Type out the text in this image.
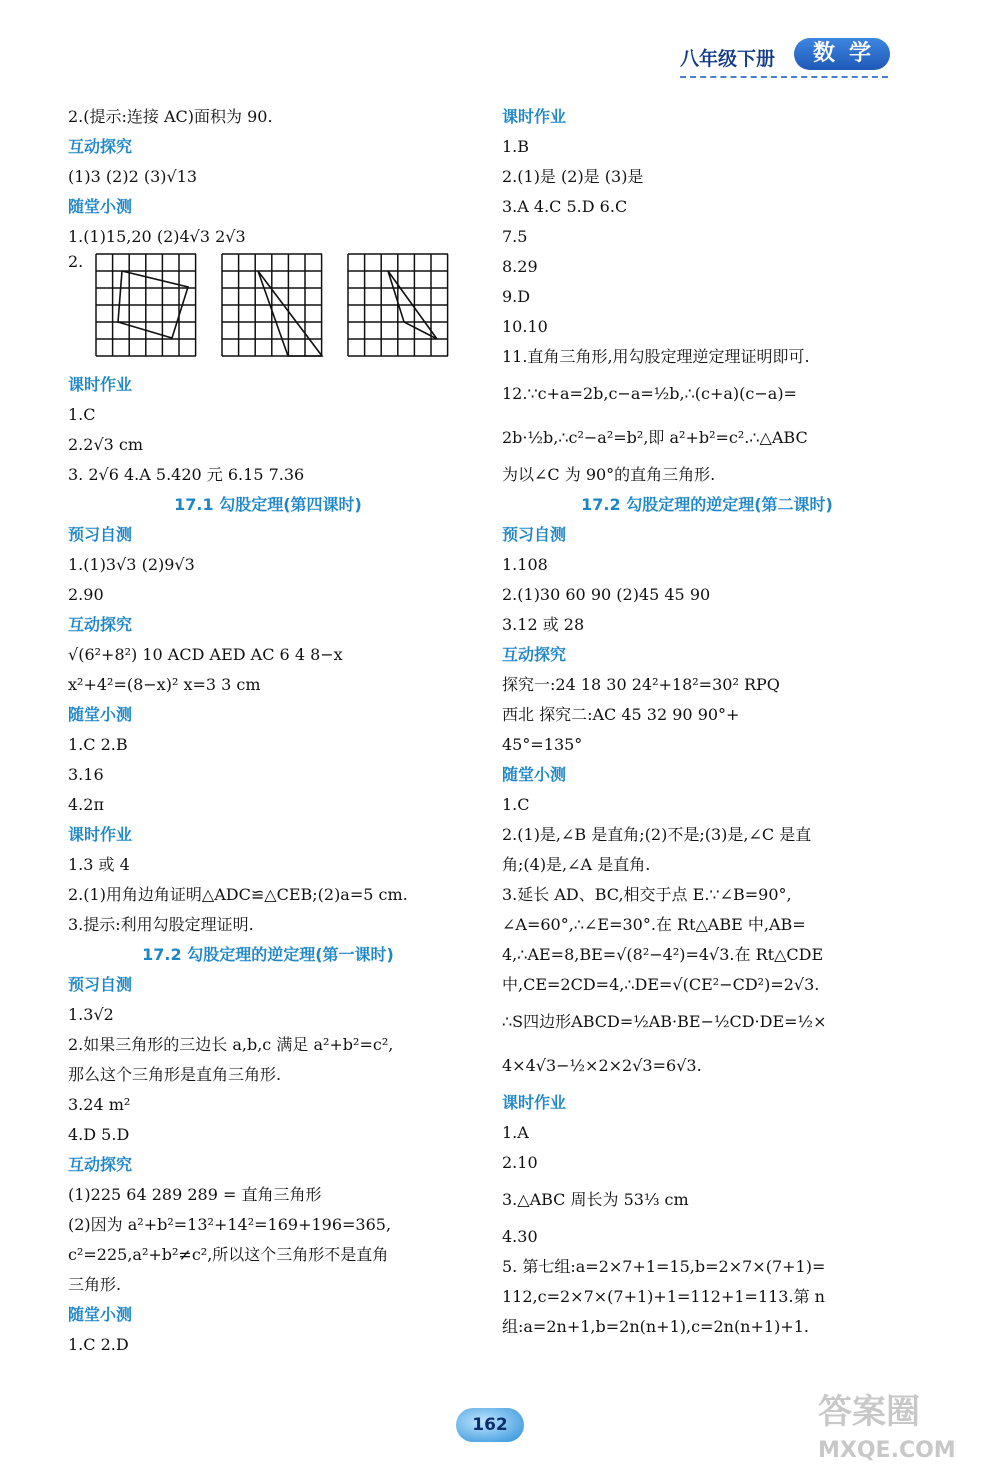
八年级下册	数学
2.(提示:连接 AC)面积为 90.
互动探究
(1)3 (2)2 (3)√13
随堂小测
1.(1)15,20 (2)4√3 2√3
2.
课时作业
1.C
2.2√3 cm
3. 2√6 4.A 5.420 元 6.15 7.36
17.1 勾股定理(第四课时)
预习自测
1.(1)3√3 (2)9√3
2.90
互动探究
√(6²+8²) 10 ACD AED AC 6 4 8−x
x²+4²=(8−x)² x=3 3 cm
随堂小测
1.C 2.B
3.16
4.2π
课时作业
1.3 或 4
2.(1)用角边角证明△ADC≌△CEB;(2)a=5 cm.
3.提示:利用勾股定理证明.
17.2 勾股定理的逆定理(第一课时)
预习自测
1.3√2
2.如果三角形的三边长 a,b,c 满足 a²+b²=c²,
那么这个三角形是直角三角形.
3.24 m²
4.D 5.D
互动探究
(1)225 64 289 289 = 直角三角形
(2)因为 a²+b²=13²+14²=169+196=365,
c²=225,a²+b²≠c²,所以这个三角形不是直角
三角形.
随堂小测
1.C 2.D
课时作业
1.B
2.(1)是 (2)是 (3)是
3.A 4.C 5.D 6.C
7.5
8.29
9.D
10.10
11.直角三角形,用勾股定理逆定理证明即可.
12.∵c+a=2b,c−a=½b,∴(c+a)(c−a)=
2b·½b,∴c²−a²=b²,即 a²+b²=c².∴△ABC
为以∠C 为 90°的直角三角形.
17.2 勾股定理的逆定理(第二课时)
预习自测
1.108
2.(1)30 60 90 (2)45 45 90
3.12 或 28
互动探究
探究一:24 18 30 24²+18²=30² RPQ
西北 探究二:AC 45 32 90 90°+
45°=135°
随堂小测
1.C
2.(1)是,∠B 是直角;(2)不是;(3)是,∠C 是直
角;(4)是,∠A 是直角.
3.延长 AD、BC,相交于点 E.∵∠B=90°,
∠A=60°,∴∠E=30°.在 Rt△ABE 中,AB=
4,∴AE=8,BE=√(8²−4²)=4√3.在 Rt△CDE
中,CE=2CD=4,∴DE=√(CE²−CD²)=2√3.
∴S四边形ABCD=½AB·BE−½CD·DE=½×
4×4√3−½×2×2√3=6√3.
课时作业
1.A
2.10
3.△ABC 周长为 53⅓ cm
4.30
5. 第七组:a=2×7+1=15,b=2×7×(7+1)=
112,c=2×7×(7+1)+1=112+1=113.第 n
组:a=2n+1,b=2n(n+1),c=2n(n+1)+1.
162	答案圈
MXQE.COM
